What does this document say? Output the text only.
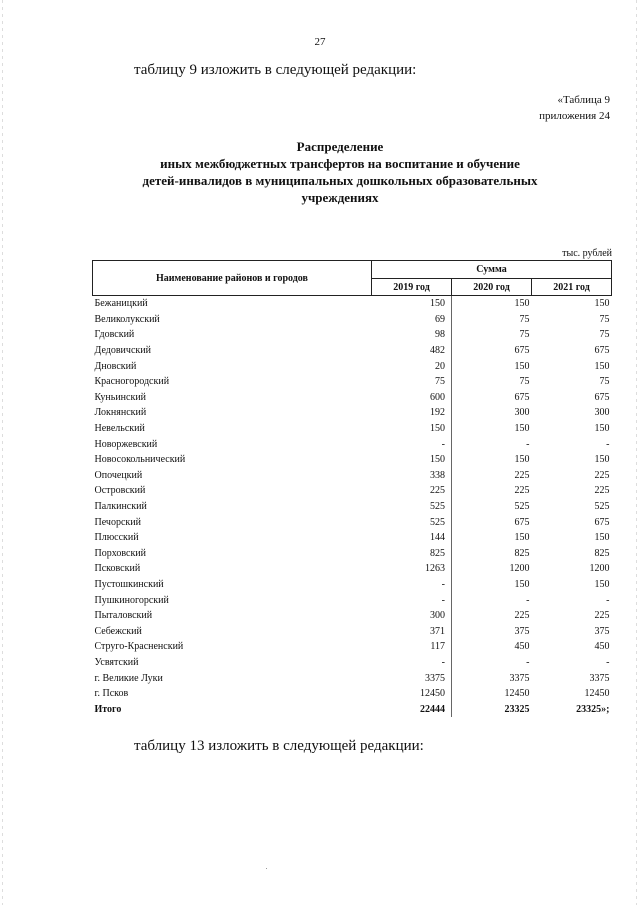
27
таблицу 9 изложить в следующей редакции:
«Таблица 9
приложения 24
Распределение
иных межбюджетных трансфертов на воспитание и обучение
детей-инвалидов в муниципальных дошкольных образовательных
учреждениях
тыс. рублей
Наименование районов и городов	Сумма		
	2019 год	2020 год	2021 год
Бежаницкий	150	150	150
Великолукский	69	75	75
Гдовский	98	75	75
Дедовичский	482	675	675
Дновский	20	150	150
Красногородский	75	75	75
Куньинский	600	675	675
Локнянский	192	300	300
Невельский	150	150	150
Новоржевский	-	-	-
Новосокольнический	150	150	150
Опочецкий	338	225	225
Островский	225	225	225
Палкинский	525	525	525
Печорский	525	675	675
Плюсский	144	150	150
Порховский	825	825	825
Псковский	1263	1200	1200
Пустошкинский	-	150	150
Пушкиногорский	-	-	-
Пыталовский	300	225	225
Себежский	371	375	375
Струго-Красненский	117	450	450
Усвятский	-	-	-
г. Великие Луки	3375	3375	3375
г. Псков	12450	12450	12450
Итого	22444	23325	23325»;
таблицу 13 изложить в следующей редакции:
